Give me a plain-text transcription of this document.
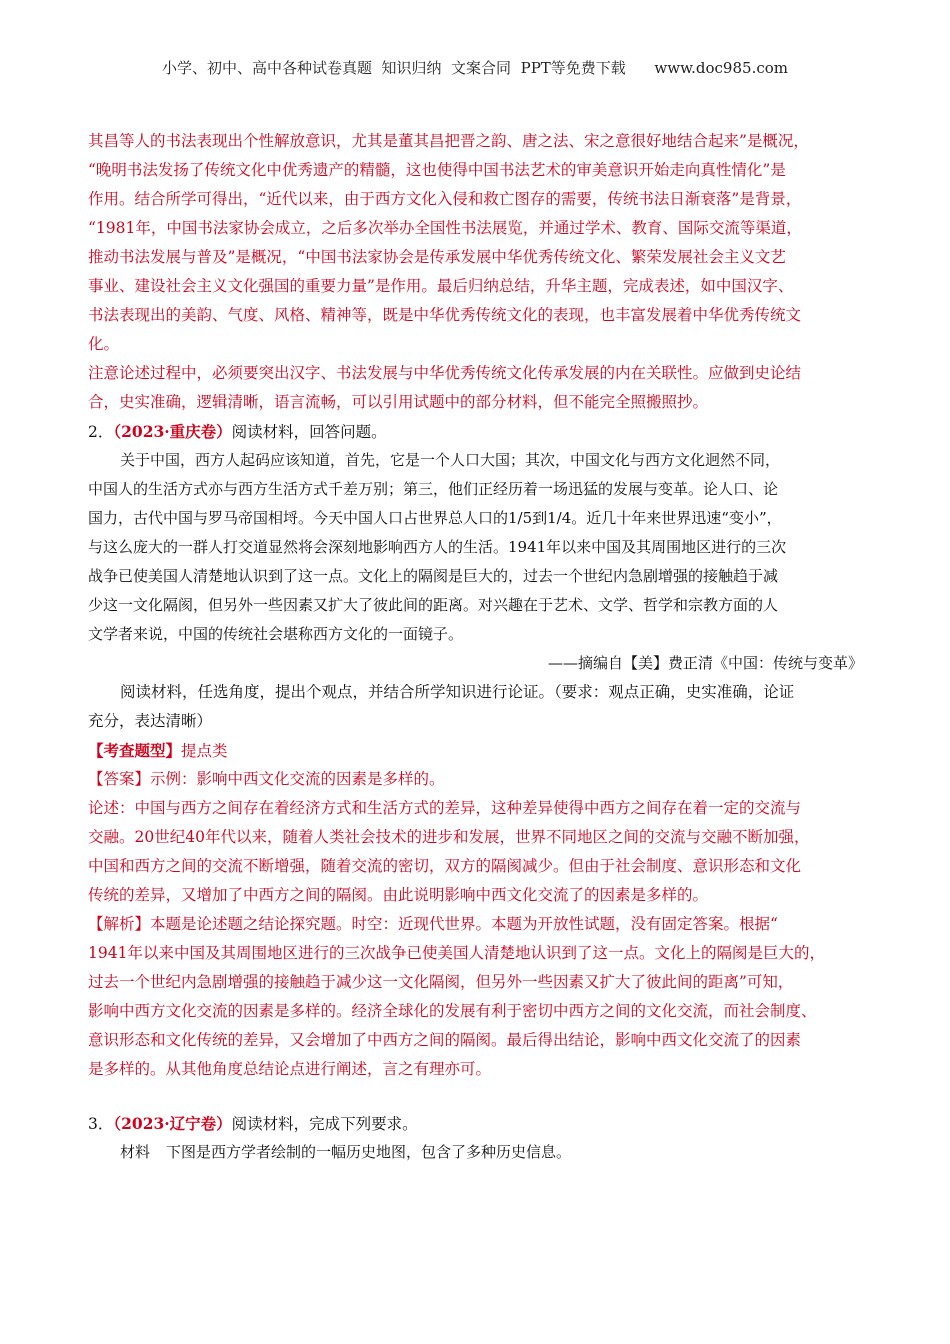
小学、初中、高中各种试卷真题  知识归纳  文案合同  PPT等免费下载      www.doc985.com
其昌等人的书法表现出个性解放意识，尤其是董其昌把晋之韵、唐之法、宋之意很好地结合起来”是概况，
“晚明书法发扬了传统文化中优秀遗产的精髓，这也使得中国书法艺术的审美意识开始走向真性情化”是
作用。结合所学可得出，“近代以来，由于西方文化入侵和救亡图存的需要，传统书法日渐衰落”是背景，
“1981年，中国书法家协会成立，之后多次举办全国性书法展览，并通过学术、教育、国际交流等渠道，
推动书法发展与普及”是概况，“中国书法家协会是传承发展中华优秀传统文化、繁荣发展社会主义文艺
事业、建设社会主义文化强国的重要力量”是作用。最后归纳总结，升华主题，完成表述，如中国汉字、
书法表现出的美韵、气度、风格、精神等，既是中华优秀传统文化的表现，也丰富发展着中华优秀传统文
化。
注意论述过程中，必须要突出汉字、书法发展与中华优秀传统文化传承发展的内在关联性。应做到史论结
合，史实准确，逻辑清晰，语言流畅，可以引用试题中的部分材料，但不能完全照搬照抄。
2．（2023·重庆卷）阅读材料，回答问题。
关于中国，西方人起码应该知道，首先，它是一个人口大国；其次，中国文化与西方文化迥然不同，
中国人的生活方式亦与西方生活方式千差万别；第三，他们正经历着一场迅猛的发展与变革。论人口、论
国力，古代中国与罗马帝国相埒。今天中国人口占世界总人口的1/5到1/4。近几十年来世界迅速“变小”，
与这么庞大的一群人打交道显然将会深刻地影响西方人的生活。1941年以来中国及其周围地区进行的三次
战争已使美国人清楚地认识到了这一点。文化上的隔阂是巨大的，过去一个世纪内急剧增强的接触趋于减
少这一文化隔阂，但另外一些因素又扩大了彼此间的距离。对兴趣在于艺术、文学、哲学和宗教方面的人
文学者来说，中国的传统社会堪称西方文化的一面镜子。
——摘编自【美】费正清《中国：传统与变革》
阅读材料，任选角度，提出个观点，并结合所学知识进行论证。（要求：观点正确，史实准确，论证
充分，表达清晰）
【考查题型】提点类
【答案】示例：影响中西文化交流的因素是多样的。
论述：中国与西方之间存在着经济方式和生活方式的差异，这种差异使得中西方之间存在着一定的交流与
交融。20世纪40年代以来，随着人类社会技术的进步和发展，世界不同地区之间的交流与交融不断加强，
中国和西方之间的交流不断增强，随着交流的密切，双方的隔阂减少。但由于社会制度、意识形态和文化
传统的差异，又增加了中西方之间的隔阂。由此说明影响中西文化交流了的因素是多样的。
【解析】本题是论述题之结论探究题。时空：近现代世界。本题为开放性试题，没有固定答案。根据“
1941年以来中国及其周围地区进行的三次战争已使美国人清楚地认识到了这一点。文化上的隔阂是巨大的，
过去一个世纪内急剧增强的接触趋于减少这一文化隔阂，但另外一些因素又扩大了彼此间的距离”可知，
影响中西方文化交流的因素是多样的。经济全球化的发展有利于密切中西方之间的文化交流，而社会制度、
意识形态和文化传统的差异，又会增加了中西方之间的隔阂。最后得出结论，影响中西文化交流了的因素
是多样的。从其他角度总结论点进行阐述，言之有理亦可。
3．（2023·辽宁卷）阅读材料，完成下列要求。
材料 下图是西方学者绘制的一幅历史地图，包含了多种历史信息。
